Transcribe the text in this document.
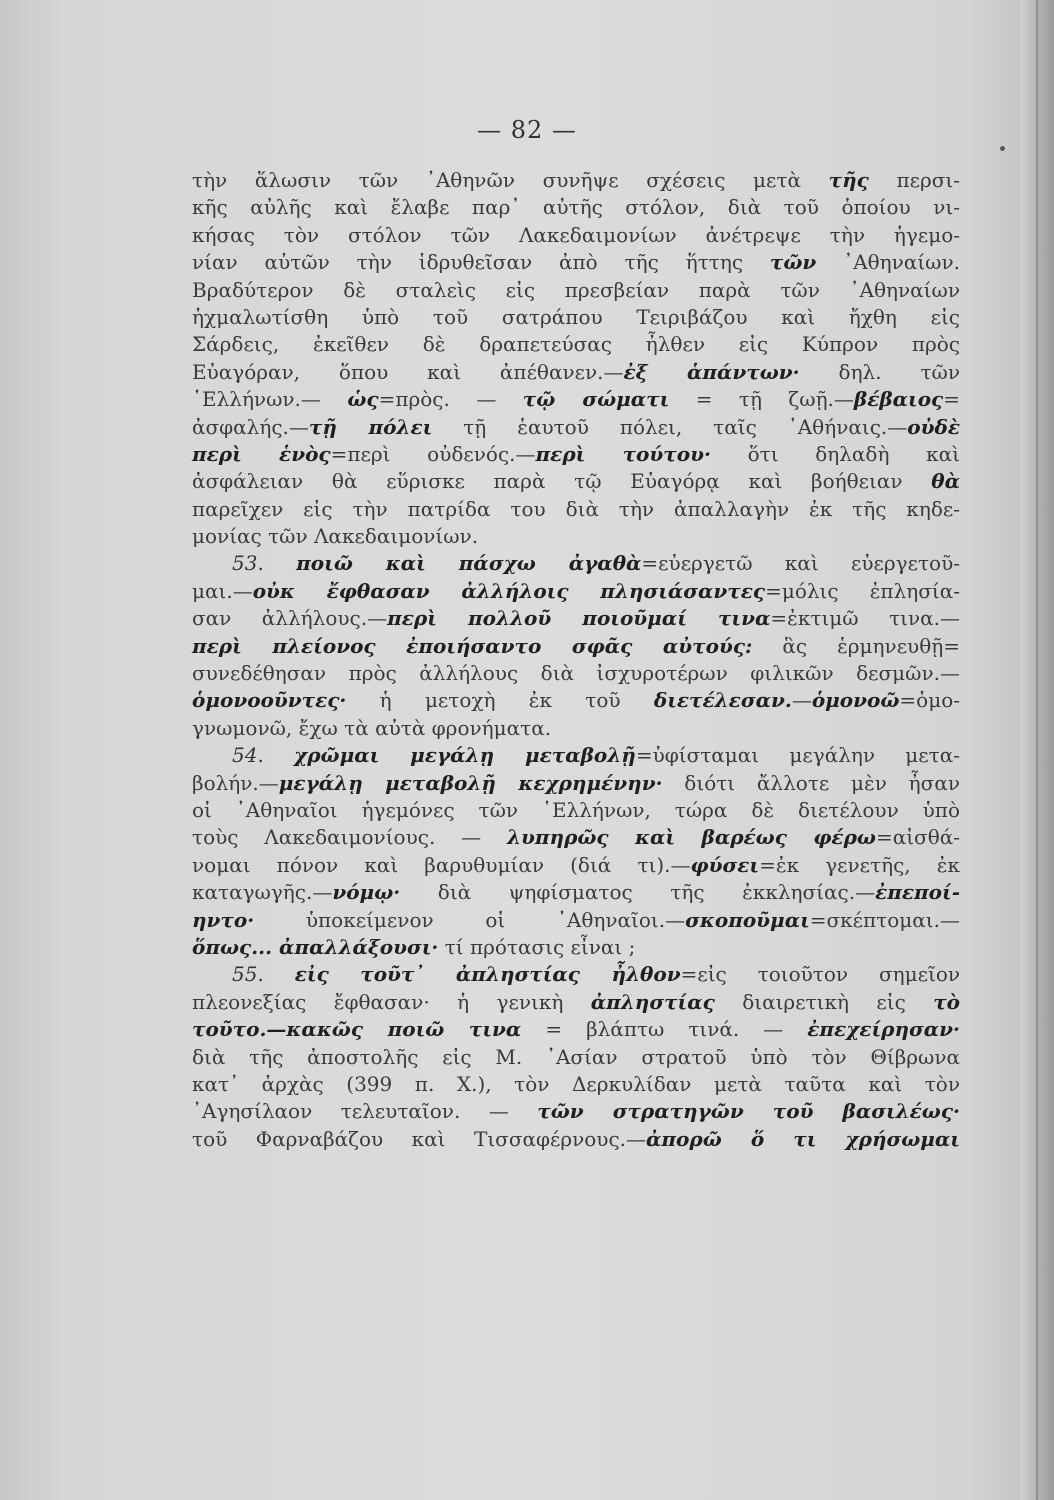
— 82 —
τὴν ἅλωσιν τῶν ᾿Αθηνῶν συνῆψε σχέσεις μετὰ τῆς περσι-
κῆς αὐλῆς καὶ ἔλαβε παρ᾿ αὐτῆς στόλον, διὰ τοῦ ὁποίου νι-
κήσας τὸν στόλον τῶν Λακεδαιμονίων ἀνέτρεψε τὴν ἡγεμο-
νίαν αὐτῶν τὴν ἱδρυθεῖσαν ἀπὸ τῆς ἥττης τῶν ᾿Αθηναίων.
Βραδύτερον δὲ σταλεὶς εἰς πρεσβείαν παρὰ τῶν ᾿Αθηναίων
ἠχμαλωτίσθη ὑπὸ τοῦ σατράπου Τειριβάζου καὶ ἤχθη εἰς
Σάρδεις, ἐκεῖθεν δὲ δραπετεύσας ἦλθεν εἰς Κύπρον πρὸς
Εὐαγόραν, ὅπου καὶ ἀπέθανεν.—ἐξ ἁπάντων· δηλ. τῶν
῾Ελλήνων.— ὡς=πρὸς. — τῷ σώματι = τῇ ζωῇ.—βέβαιος=
ἀσφαλής.—τῇ πόλει τῇ ἑαυτοῦ πόλει, ταῖς ᾿Αθήναις.—οὐδὲ
περὶ ἑνὸς=περὶ οὐδενός.—περὶ τούτου· ὅτι δηλαδὴ καὶ
ἀσφάλειαν θὰ εὕρισκε παρὰ τῷ Εὐαγόρᾳ καὶ βοήθειαν θὰ
παρεῖχεν εἰς τὴν πατρίδα του διὰ τὴν ἀπαλλαγὴν ἐκ τῆς κηδε-
μονίας τῶν Λακεδαιμονίων.
53. ποιῶ καὶ πάσχω ἀγαθὰ=εὐεργετῶ καὶ εὐεργετοῦ-
μαι.—οὐκ ἔφθασαν ἀλλήλοις πλησιάσαντες=μόλις ἐπλησία-
σαν ἀλλήλους.—περὶ πολλοῦ ποιοῦμαί τινα=ἐκτιμῶ τινα.—
περὶ πλείονος ἐποιήσαντο σφᾶς αὐτούς: ἃς ἑρμηνευθῇ=
συνεδέθησαν πρὸς ἀλλήλους διὰ ἰσχυροτέρων φιλικῶν δεσμῶν.—
ὁμονοοῦντες· ἡ μετοχὴ ἐκ τοῦ διετέλεσαν.—ὁμονοῶ=ὁμο-
γνωμονῶ, ἔχω τὰ αὐτὰ φρονήματα.
54. χρῶμαι μεγάλῃ μεταβολῇ=ὑφίσταμαι μεγάλην μετα-
βολήν.—μεγάλῃ μεταβολῇ κεχρημένην· διότι ἄλλοτε μὲν ἦσαν
οἱ ᾿Αθηναῖοι ἡγεμόνες τῶν ῾Ελλήνων, τώρα δὲ διετέλουν ὑπὸ
τοὺς Λακεδαιμονίους. — λυπηρῶς καὶ βαρέως φέρω=αἰσθά-
νομαι πόνον καὶ βαρυθυμίαν (διά τι).—φύσει=ἐκ γενετῆς, ἐκ
καταγωγῆς.—νόμῳ· διὰ ψηφίσματος τῆς ἐκκλησίας.—ἐπεποί-
ηντο· ὑποκείμενον οἱ ᾿Αθηναῖοι.—σκοποῦμαι=σκέπτομαι.—
ὅπως... ἀπαλλάξουσι· τί πρότασις εἶναι ;
55. εἰς τοῦτ᾿ ἀπληστίας ἦλθον=εἰς τοιοῦτον σημεῖον
πλεονεξίας ἔφθασαν· ἡ γενικὴ ἀπληστίας διαιρετικὴ εἰς τὸ
τοῦτο.—κακῶς ποιῶ τινα = βλάπτω τινά. — ἐπεχείρησαν·
διὰ τῆς ἀποστολῆς εἰς Μ. ᾿Ασίαν στρατοῦ ὑπὸ τὸν Θίβρωνα
κατ᾿ ἀρχὰς (399 π. Χ.), τὸν Δερκυλίδαν μετὰ ταῦτα καὶ τὸν
᾿Αγησίλαον τελευταῖον. — τῶν στρατηγῶν τοῦ βασιλέως·
τοῦ Φαρναβάζου καὶ Τισσαφέρνους.—ἀπορῶ ὅ τι χρήσωμαι
